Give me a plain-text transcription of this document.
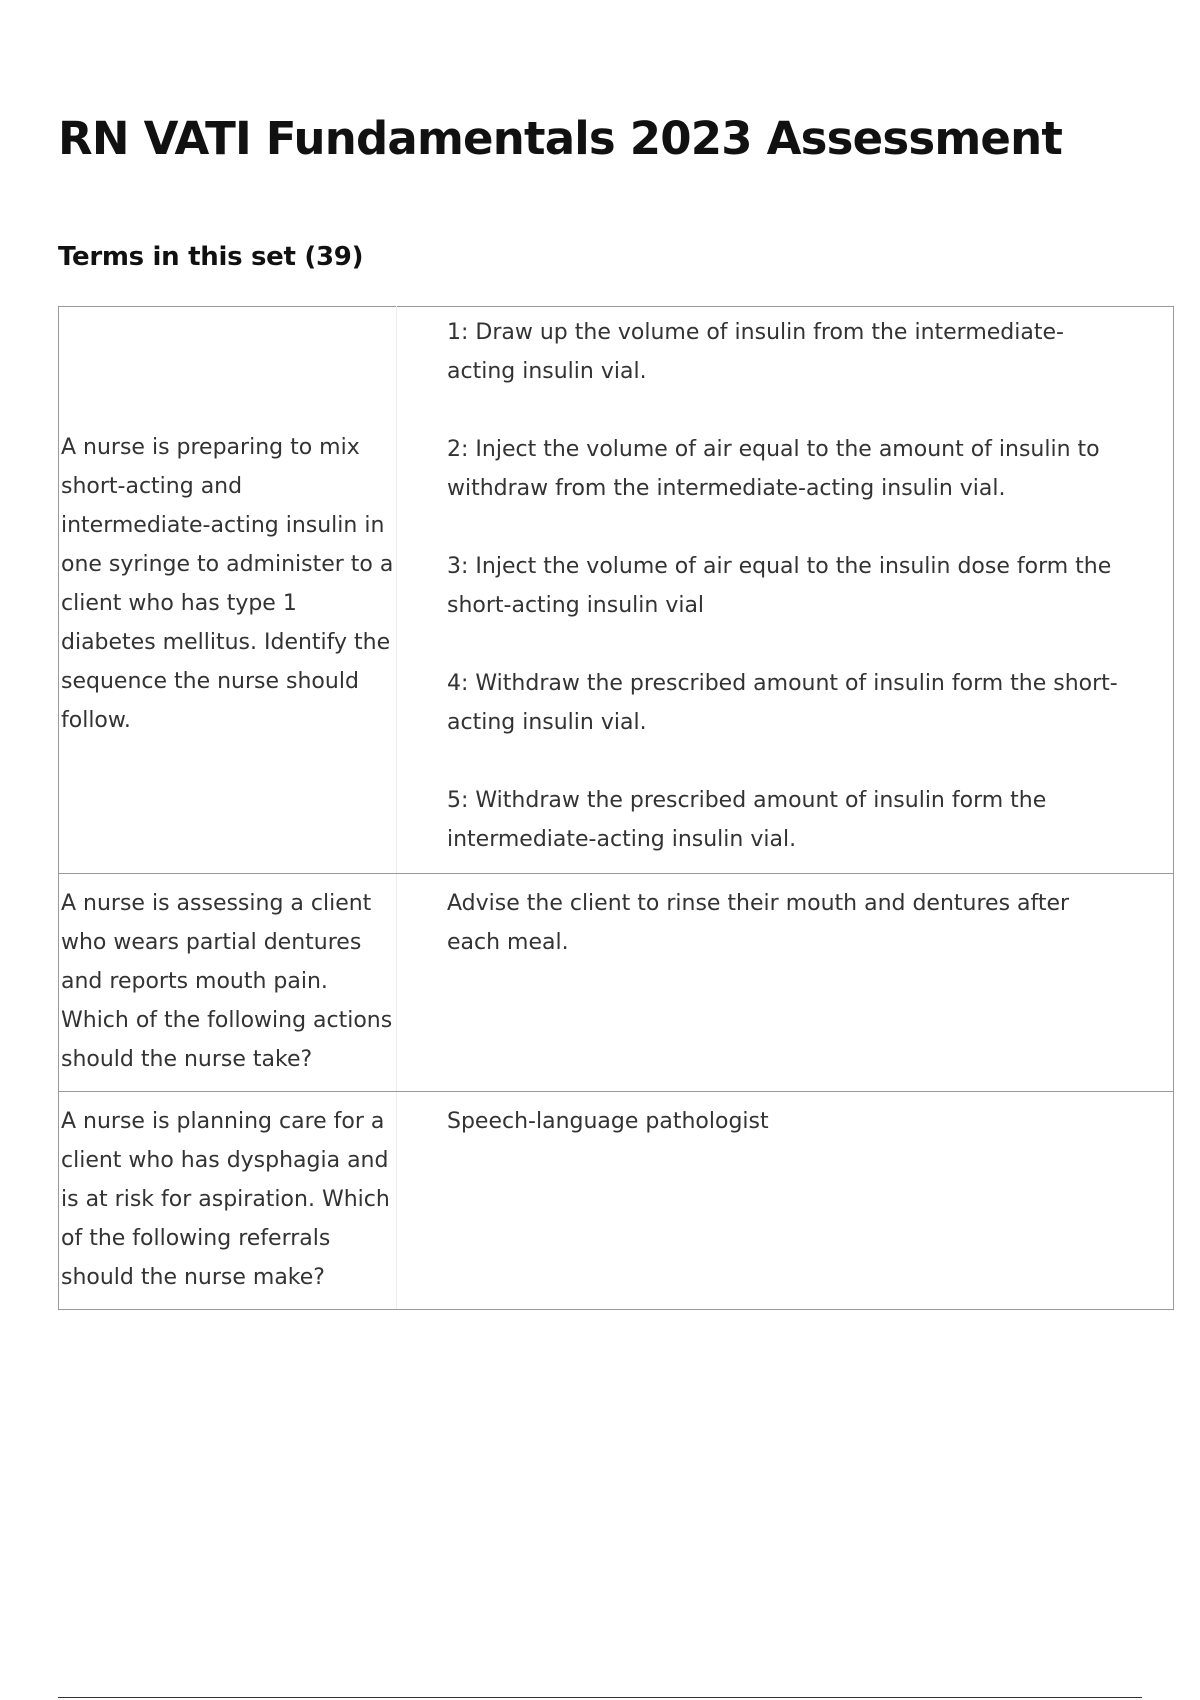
RN VATI Fundamentals 2023 Assessment
Terms in this set (39)
A nurse is preparing to mix short-acting and intermediate-acting insulin in one syringe to administer to a client who has type 1 diabetes mellitus. Identify the sequence the nurse should follow.	1: Draw up the volume of insulin from the intermediate-acting insulin vial.

2: Inject the volume of air equal to the amount of insulin to withdraw from the intermediate-acting insulin vial.

3: Inject the volume of air equal to the insulin dose form the short-acting insulin vial

4: Withdraw the prescribed amount of insulin form the short-acting insulin vial.

5: Withdraw the prescribed amount of insulin form the intermediate-acting insulin vial.

A nurse is assessing a client who wears partial dentures and reports mouth pain. Which of the following actions should the nurse take?	Advise the client to rinse their mouth and dentures after each meal.
A nurse is planning care for a client who has dysphagia and is at risk for aspiration. Which of the following referrals should the nurse make?	Speech-language pathologist
